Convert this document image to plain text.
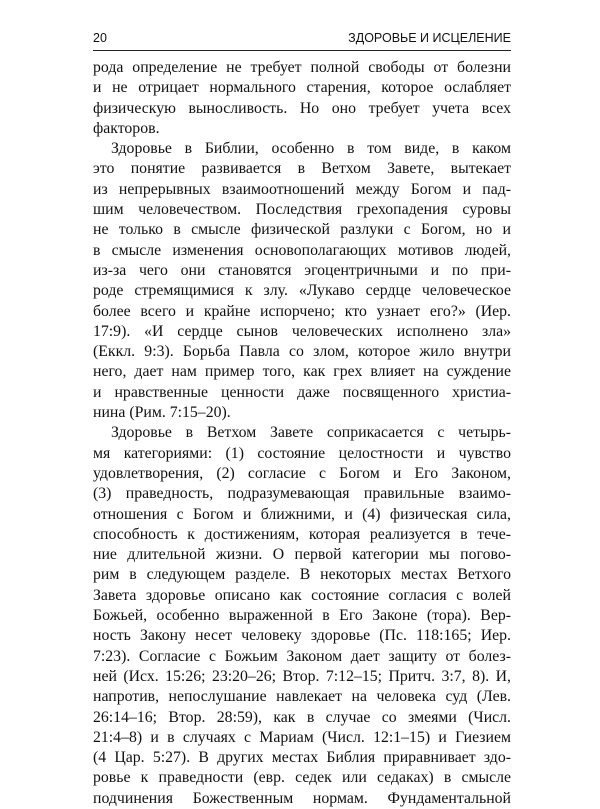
20	ЗДОРОВЬЕ И ИСЦЕЛЕНИЕ
рода определение не требует полной свободы от болезни
и не отрицает нормального старения, которое ослабляет
физическую выносливость. Но оно требует учета всех
факторов.
Здоровье в Библии, особенно в том виде, в каком
это понятие развивается в Ветхом Завете, вытекает
из непрерывных взаимоотношений между Богом и пад-
шим человечеством. Последствия грехопадения суровы
не только в смысле физической разлуки с Богом, но и
в смысле изменения основополагающих мотивов людей,
из-за чего они становятся эгоцентричными и по при-
роде стремящимися к злу. «Лукаво сердце человеческое
более всего и крайне испорчено; кто узнает его?» (Иер.
17:9). «И сердце сынов человеческих исполнено зла»
(Еккл. 9:3). Борьба Павла со злом, которое жило внутри
него, дает нам пример того, как грех влияет на суждение
и нравственные ценности даже посвященного христиа-
нина (Рим. 7:15–20).
Здоровье в Ветхом Завете соприкасается с четырь-
мя категориями: (1) состояние целостности и чувство
удовлетворения, (2) согласие с Богом и Его Законом,
(3) праведность, подразумевающая правильные взаимо-
отношения с Богом и ближними, и (4) физическая сила,
способность к достижениям, которая реализуется в тече-
ние длительной жизни. О первой категории мы погово-
рим в следующем разделе. В некоторых местах Ветхого
Завета здоровье описано как состояние согласия с волей
Божьей, особенно выраженной в Его Законе (тора). Вер-
ность Закону несет человеку здоровье (Пс. 118:165; Иер.
7:23). Согласие с Божьим Законом дает защиту от болез-
ней (Исх. 15:26; 23:20–26; Втор. 7:12–15; Притч. 3:7, 8). И,
напротив, непослушание навлекает на человека суд (Лев.
26:14–16; Втор. 28:59), как в случае со змеями (Числ.
21:4–8) и в случаях с Мариам (Числ. 12:1–15) и Гиезием
(4 Цар. 5:27). В других местах Библия приравнивает здо-
ровье к праведности (евр. седек или седаках) в смысле
подчинения Божественным нормам. Фундаментальной
